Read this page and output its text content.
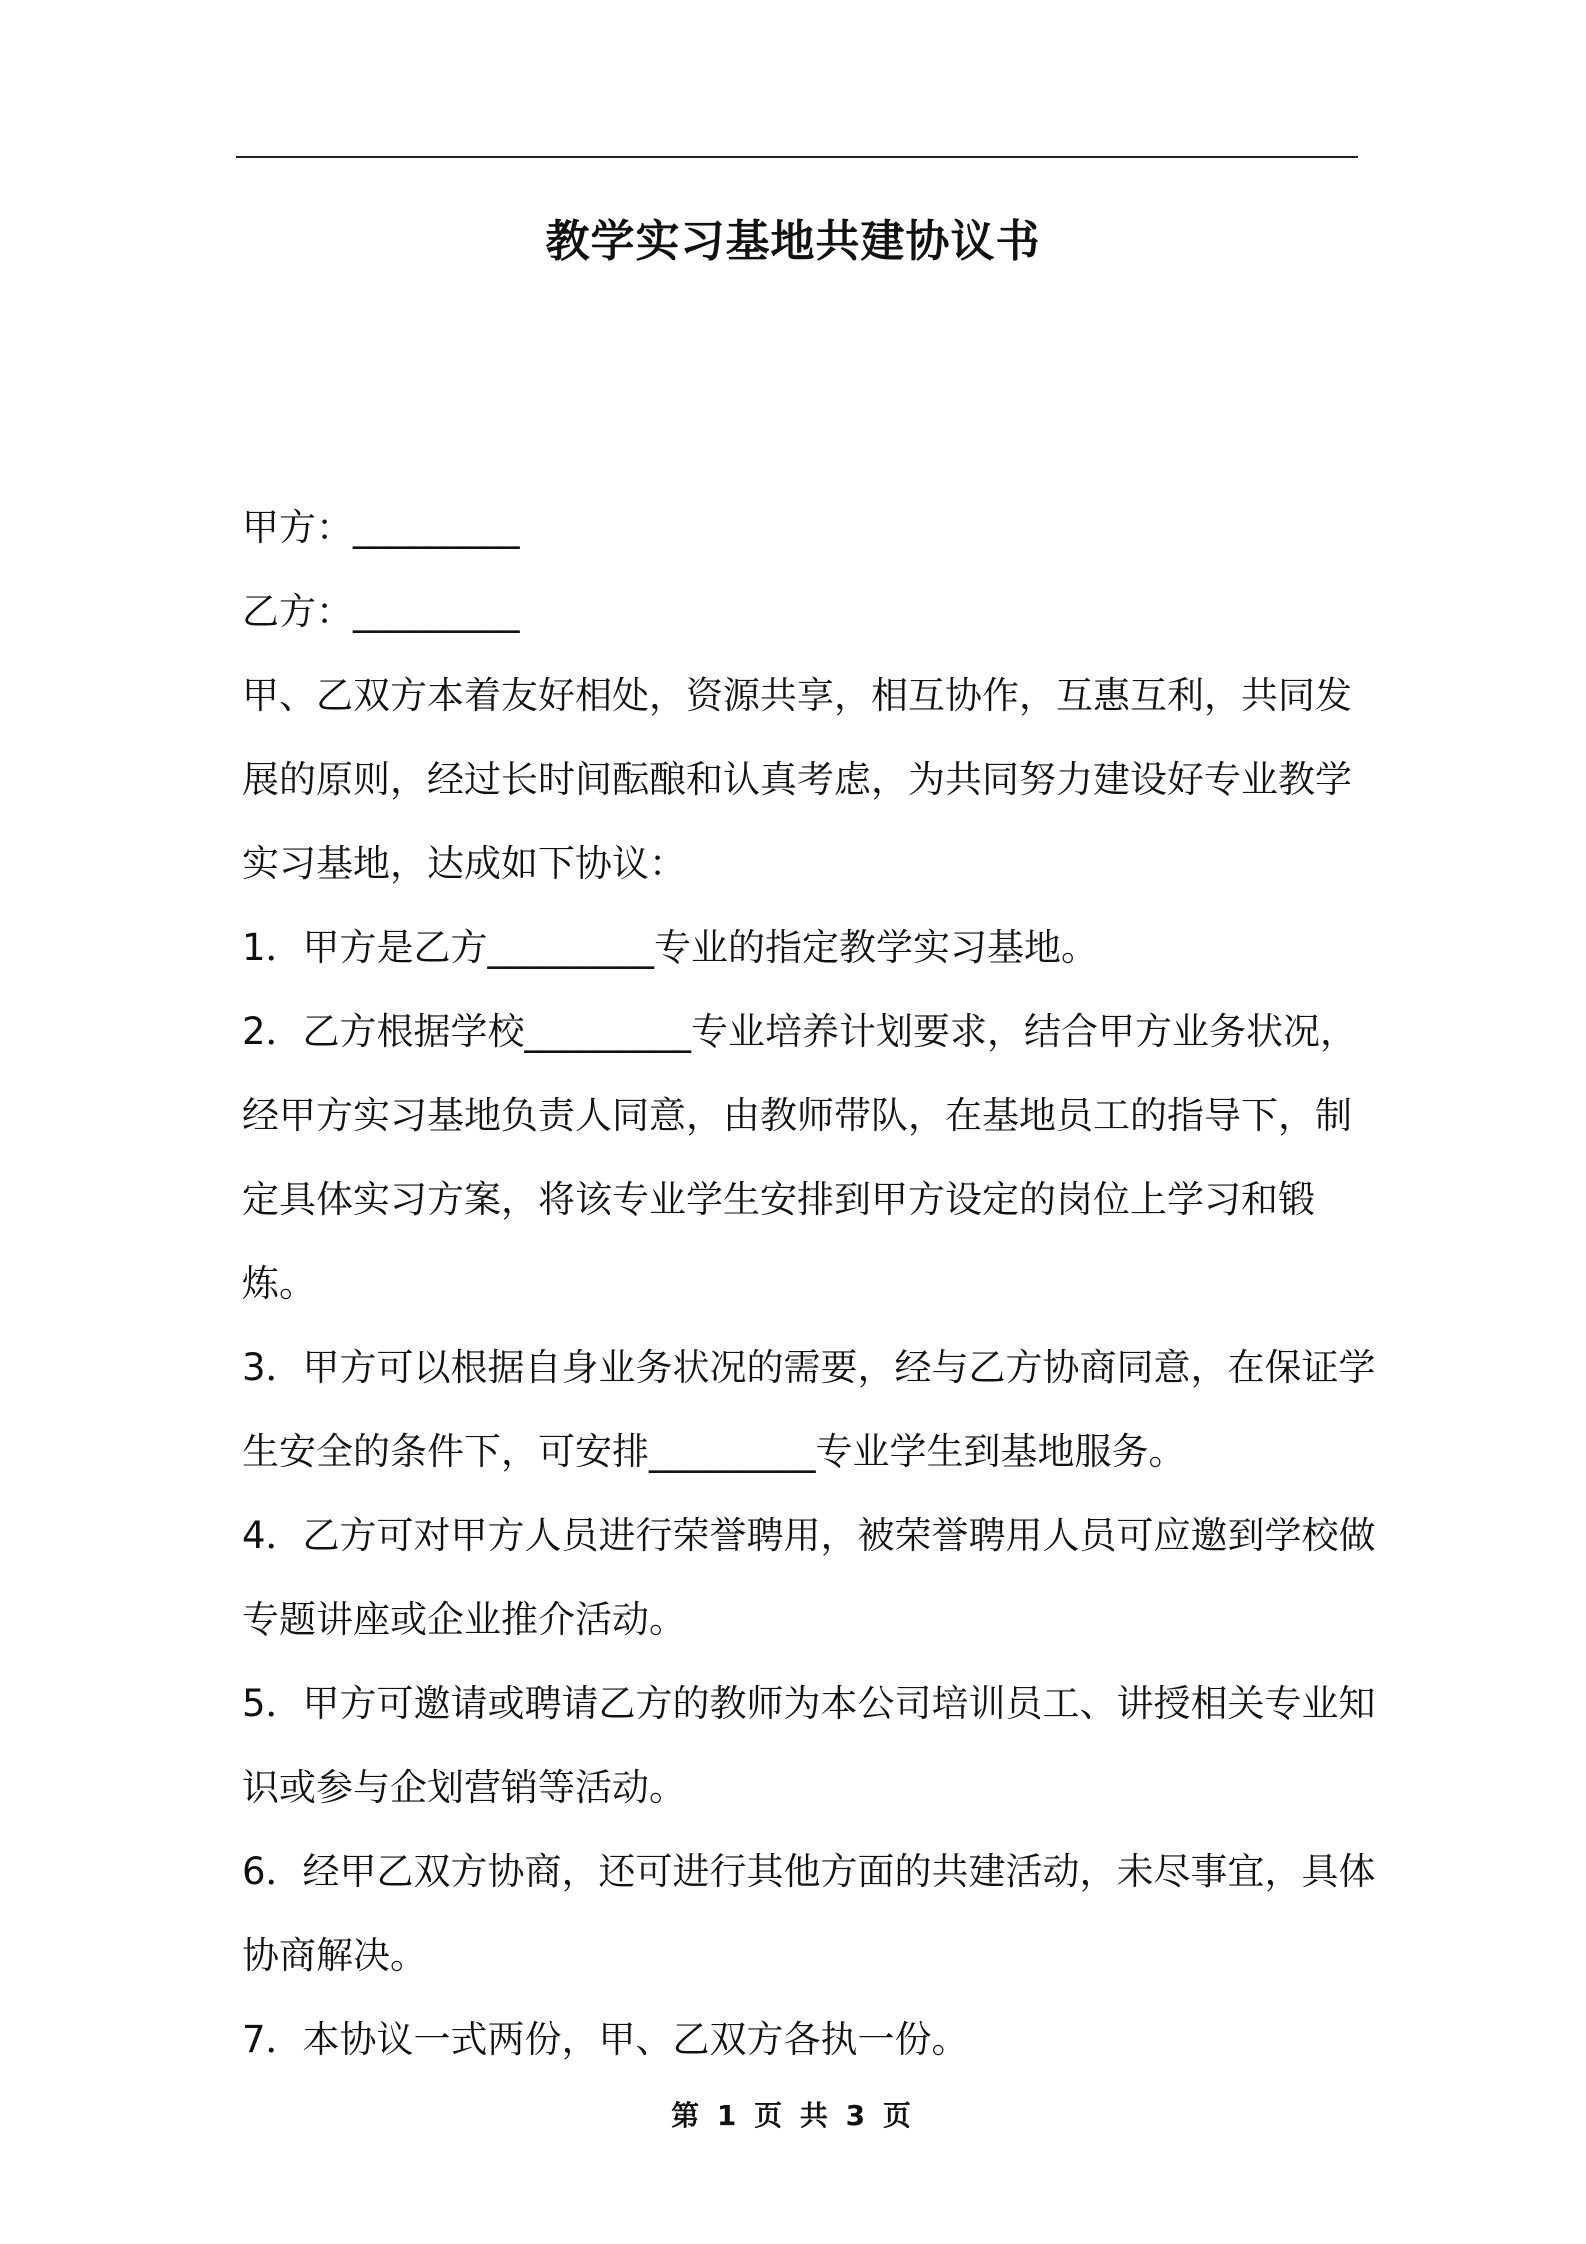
教学实习基地共建协议书

甲方：_________

乙方：_________

甲、乙双方本着友好相处，资源共享，相互协作，互惠互利，共同发展的原则，经过长时间酝酿和认真考虑，为共同努力建设好专业教学实习基地，达成如下协议：

1．甲方是乙方_________专业的指定教学实习基地。

2．乙方根据学校_________专业培养计划要求，结合甲方业务状况，经甲方实习基地负责人同意，由教师带队，在基地员工的指导下，制定具体实习方案，将该专业学生安排到甲方设定的岗位上学习和锻炼。

3．甲方可以根据自身业务状况的需要，经与乙方协商同意，在保证学生安全的条件下，可安排_________专业学生到基地服务。

4．乙方可对甲方人员进行荣誉聘用，被荣誉聘用人员可应邀到学校做专题讲座或企业推介活动。

5．甲方可邀请或聘请乙方的教师为本公司培训员工、讲授相关专业知识或参与企划营销等活动。

6．经甲乙双方协商，还可进行其他方面的共建活动，未尽事宜，具体协商解决。

7．本协议一式两份，甲、乙双方各执一份。

第 1 页 共 3 页
